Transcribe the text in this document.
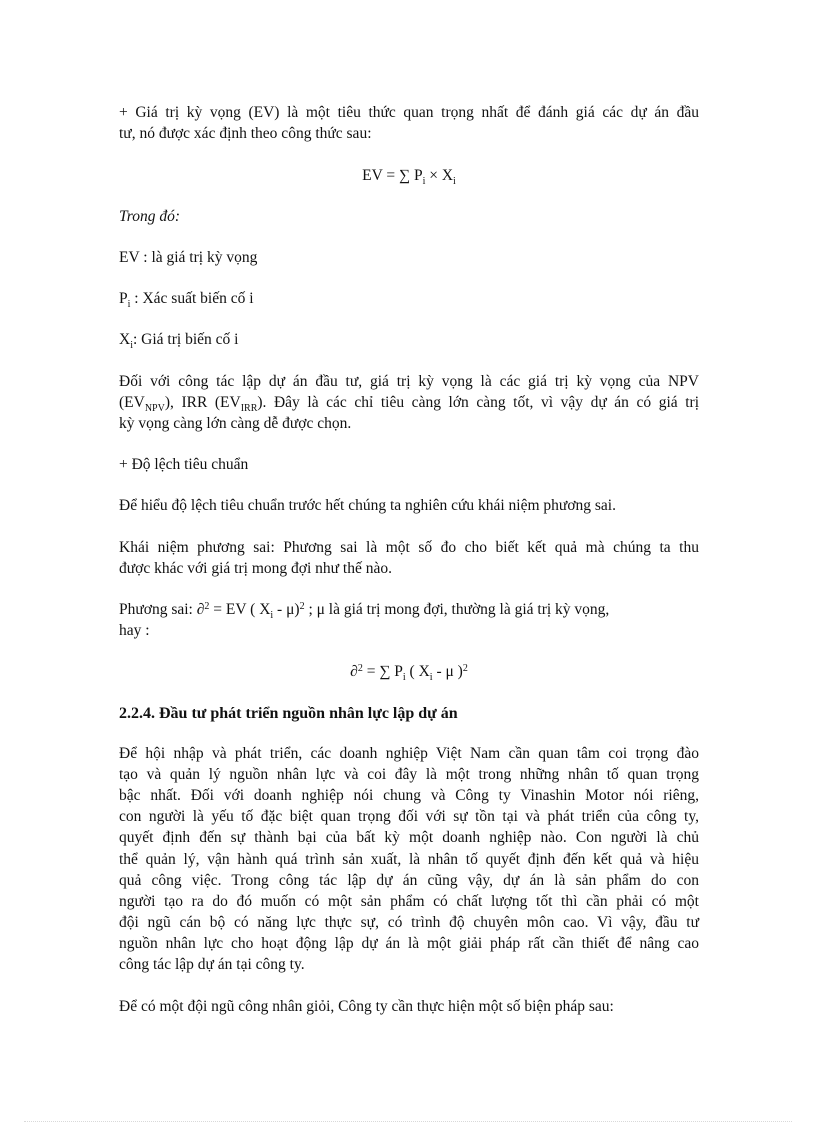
+ Giá trị kỳ vọng (EV) là một tiêu thức quan trọng nhất để đánh giá các dự án đầu

tư, nó được xác định theo công thức sau:

EV = ∑ $P_i \times X_i$

Trong đó:

EV : là giá trị kỳ vọng

$P_i$ : Xác suất biến cố i

$X_i$: Giá trị biến cố i

Đối với công tác lập dự án đầu tư, giá trị kỳ vọng là các giá trị kỳ vọng của NPV

$(EV_{NPV})$, IRR $(EV_{IRR})$. Đây là các chỉ tiêu càng lớn càng tốt, vì vậy dự án có giá trị

kỳ vọng càng lớn càng dễ được chọn.

+ Độ lệch tiêu chuẩn

Để hiểu độ lệch tiêu chuẩn trước hết chúng ta nghiên cứu khái niệm phương sai.

Khái niệm phương sai: Phương sai là một số đo cho biết kết quả mà chúng ta thu

được khác với giá trị mong đợi như thế nào.

Phương sai: ∂$^2$ = EV ( $X_i - \mu)^2$ ; μ là giá trị mong đợi, thường là giá trị kỳ vọng,

hay :

∂$^2$ = ∑ $P_i$ ( $X_i$ - μ )$^2$

2.2.4. Đầu tư phát triển nguồn nhân lực lập dự án

Để hội nhập và phát triển, các doanh nghiệp Việt Nam cần quan tâm coi trọng đào

tạo và quản lý nguồn nhân lực và coi đây là một trong những nhân tố quan trọng

bậc nhất. Đối với doanh nghiệp nói chung và Công ty Vinashin Motor nói riêng,

con người là yếu tố đặc biệt quan trọng đối với sự tồn tại và phát triển của công ty,

quyết định đến sự thành bại của bất kỳ một doanh nghiệp nào. Con người là chủ

thể quản lý, vận hành quá trình sản xuất, là nhân tố quyết định đến kết quả và hiệu

quả công việc. Trong công tác lập dự án cũng vậy, dự án là sản phẩm do con

người tạo ra do đó muốn có một sản phẩm có chất lượng tốt thì cần phải có một

đội ngũ cán bộ có năng lực thực sự, có trình độ chuyên môn cao. Vì vậy, đầu tư

nguồn nhân lực cho hoạt động lập dự án là một giải pháp rất cần thiết để nâng cao

công tác lập dự án tại công ty.

Để có một đội ngũ công nhân giỏi, Công ty cần thực hiện một số biện pháp sau:
